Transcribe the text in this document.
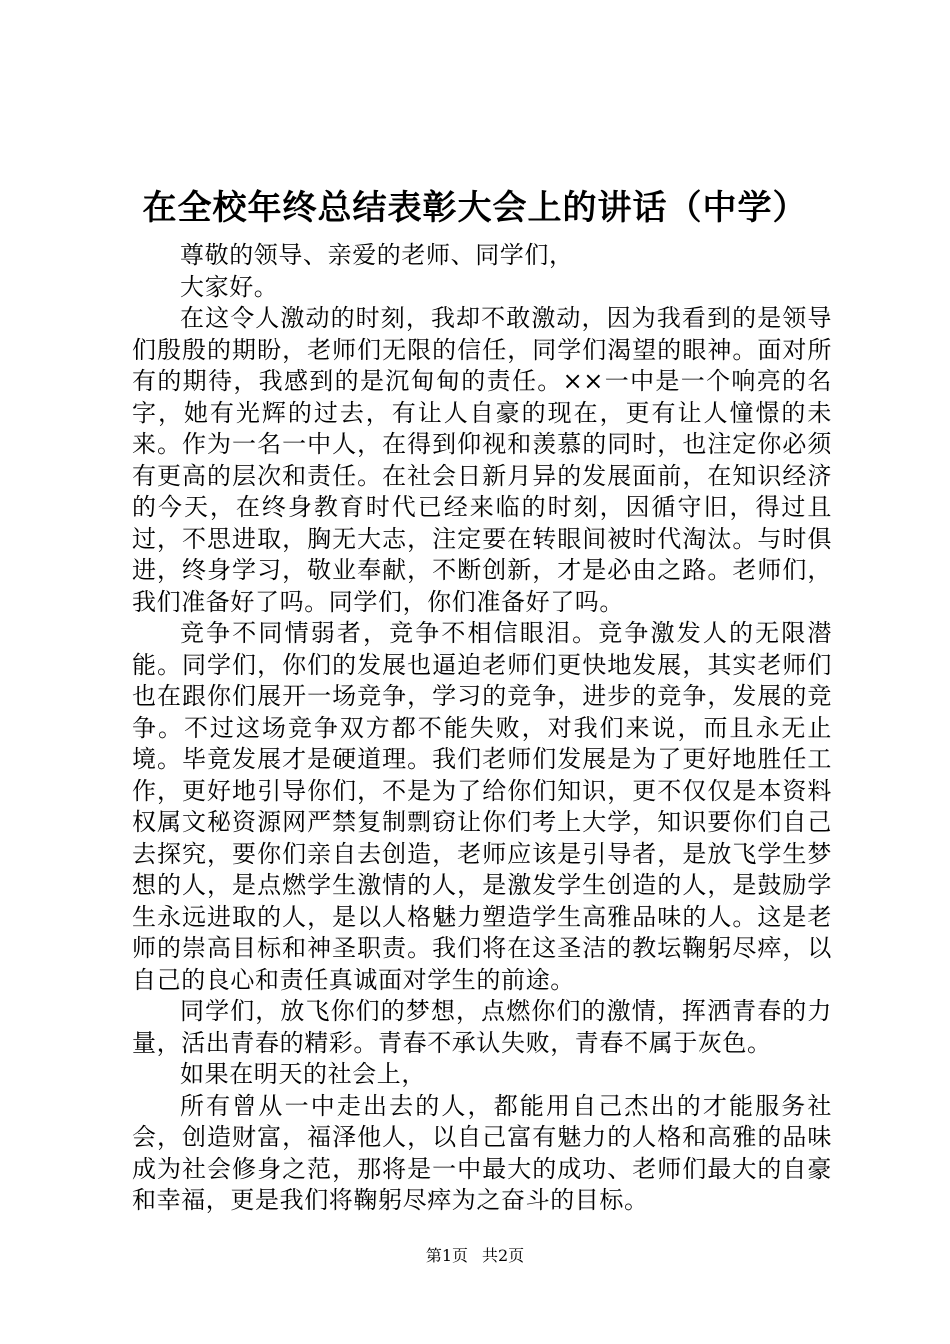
在全校年终总结表彰大会上的讲话（中学）

尊敬的领导、亲爱的老师、同学们，

大家好。

在这令人激动的时刻，我却不敢激动，因为我看到的是领导们殷殷的期盼，老师们无限的信任，同学们渴望的眼神。面对所有的期待，我感到的是沉甸甸的责任。××一中是一个响亮的名字，她有光辉的过去，有让人自豪的现在，更有让人憧憬的未来。作为一名一中人，在得到仰视和羡慕的同时，也注定你必须有更高的层次和责任。在社会日新月异的发展面前，在知识经济的今天，在终身教育时代已经来临的时刻，因循守旧，得过且过，不思进取，胸无大志，注定要在转眼间被时代淘汰。与时俱进，终身学习，敬业奉献，不断创新，才是必由之路。老师们，我们准备好了吗。同学们，你们准备好了吗。

竞争不同情弱者，竞争不相信眼泪。竞争激发人的无限潜能。同学们，你们的发展也逼迫老师们更快地发展，其实老师们也在跟你们展开一场竞争，学习的竞争，进步的竞争，发展的竞争。不过这场竞争双方都不能失败，对我们来说，而且永无止境。毕竟发展才是硬道理。我们老师们发展是为了更好地胜任工作，更好地引导你们，不是为了给你们知识，更不仅仅是本资料权属文秘资源网严禁复制剽窃让你们考上大学，知识要你们自己去探究，要你们亲自去创造，老师应该是引导者，是放飞学生梦想的人，是点燃学生激情的人，是激发学生创造的人，是鼓励学生永远进取的人，是以人格魅力塑造学生高雅品味的人。这是老师的崇高目标和神圣职责。我们将在这圣洁的教坛鞠躬尽瘁，以自己的良心和责任真诚面对学生的前途。

同学们，放飞你们的梦想，点燃你们的激情，挥洒青春的力量，活出青春的精彩。青春不承认失败，青春不属于灰色。

如果在明天的社会上，

所有曾从一中走出去的人，都能用自己杰出的才能服务社会，创造财富，福泽他人，以自己富有魅力的人格和高雅的品味成为社会修身之范，那将是一中最大的成功、老师们最大的自豪和幸福，更是我们将鞠躬尽瘁为之奋斗的目标。

第1页 共2页
